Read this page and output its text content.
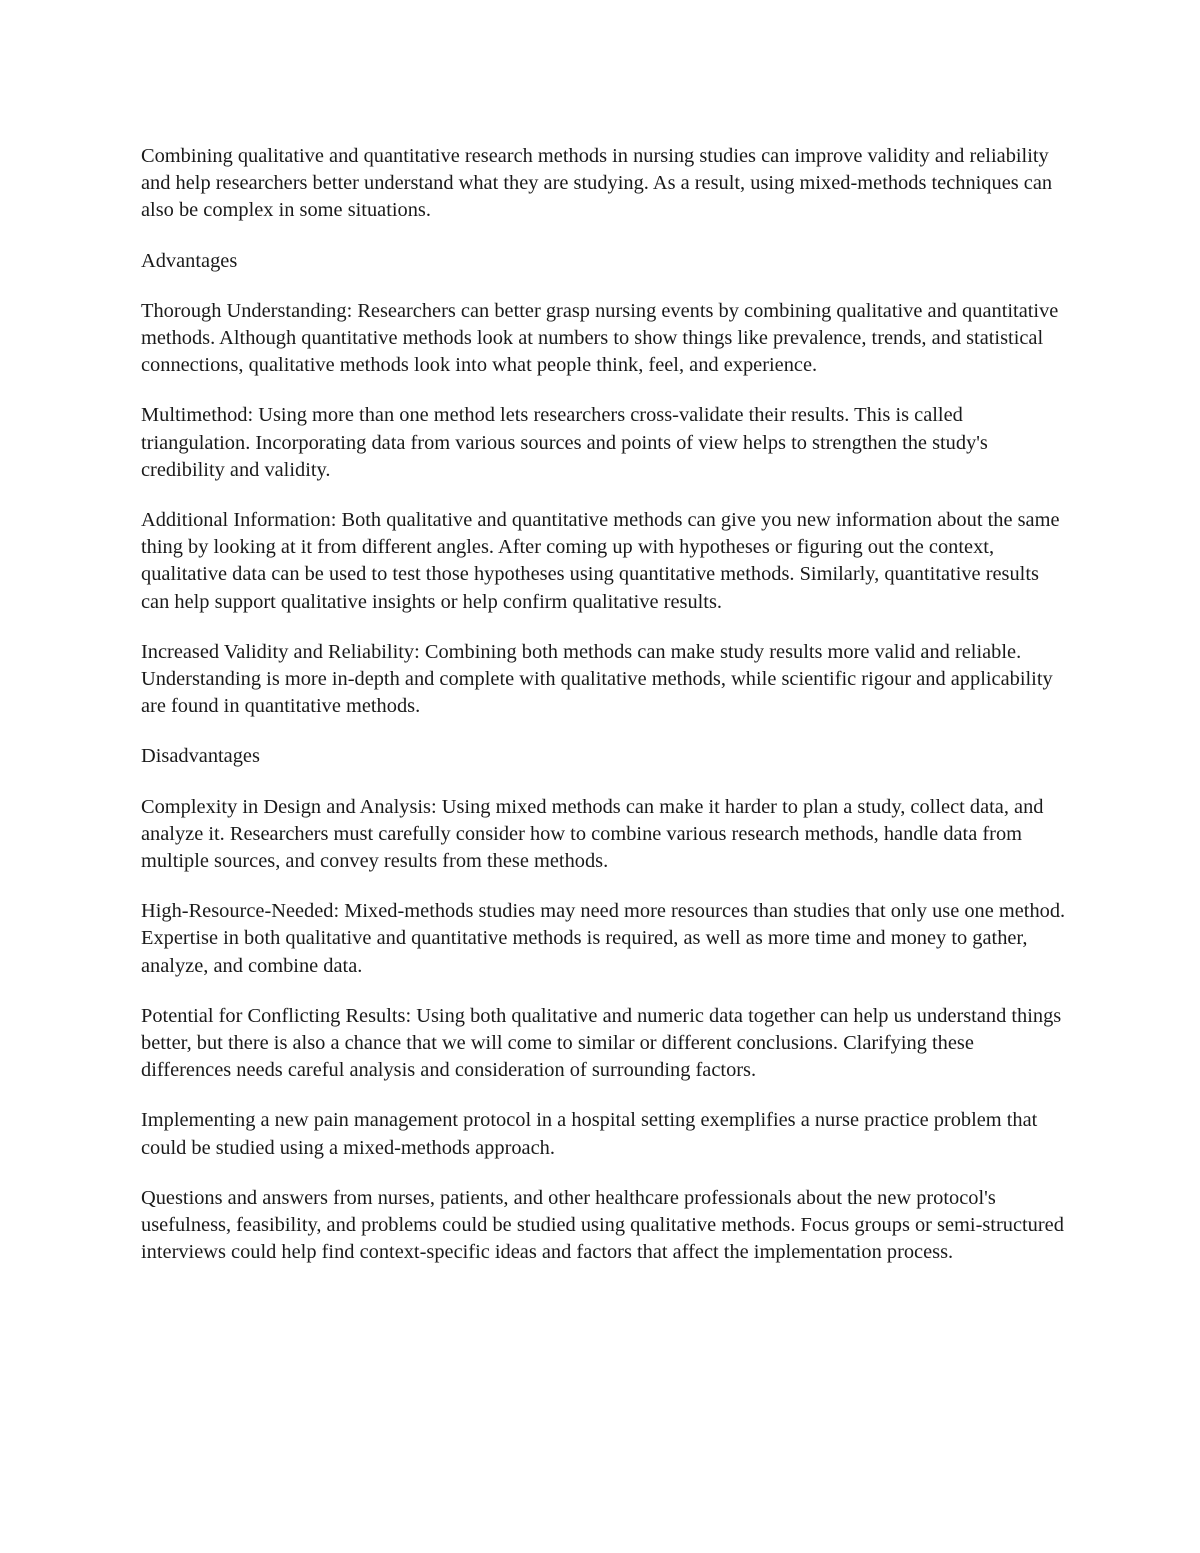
Combining qualitative and quantitative research methods in nursing studies can improve validity and reliability and help researchers better understand what they are studying. As a result, using mixed-methods techniques can also be complex in some situations.

Advantages

Thorough Understanding: Researchers can better grasp nursing events by combining qualitative and quantitative methods. Although quantitative methods look at numbers to show things like prevalence, trends, and statistical connections, qualitative methods look into what people think, feel, and experience.

Multimethod: Using more than one method lets researchers cross-validate their results. This is called triangulation. Incorporating data from various sources and points of view helps to strengthen the study's credibility and validity.

Additional Information: Both qualitative and quantitative methods can give you new information about the same thing by looking at it from different angles. After coming up with hypotheses or figuring out the context, qualitative data can be used to test those hypotheses using quantitative methods. Similarly, quantitative results can help support qualitative insights or help confirm qualitative results.

Increased Validity and Reliability: Combining both methods can make study results more valid and reliable. Understanding is more in-depth and complete with qualitative methods, while scientific rigour and applicability are found in quantitative methods.

Disadvantages

Complexity in Design and Analysis: Using mixed methods can make it harder to plan a study, collect data, and analyze it. Researchers must carefully consider how to combine various research methods, handle data from multiple sources, and convey results from these methods.

High-Resource-Needed: Mixed-methods studies may need more resources than studies that only use one method. Expertise in both qualitative and quantitative methods is required, as well as more time and money to gather, analyze, and combine data.

Potential for Conflicting Results: Using both qualitative and numeric data together can help us understand things better, but there is also a chance that we will come to similar or different conclusions. Clarifying these differences needs careful analysis and consideration of surrounding factors.

Implementing a new pain management protocol in a hospital setting exemplifies a nurse practice problem that could be studied using a mixed-methods approach.

Questions and answers from nurses, patients, and other healthcare professionals about the new protocol's usefulness, feasibility, and problems could be studied using qualitative methods. Focus groups or semi-structured interviews could help find context-specific ideas and factors that affect the implementation process.
